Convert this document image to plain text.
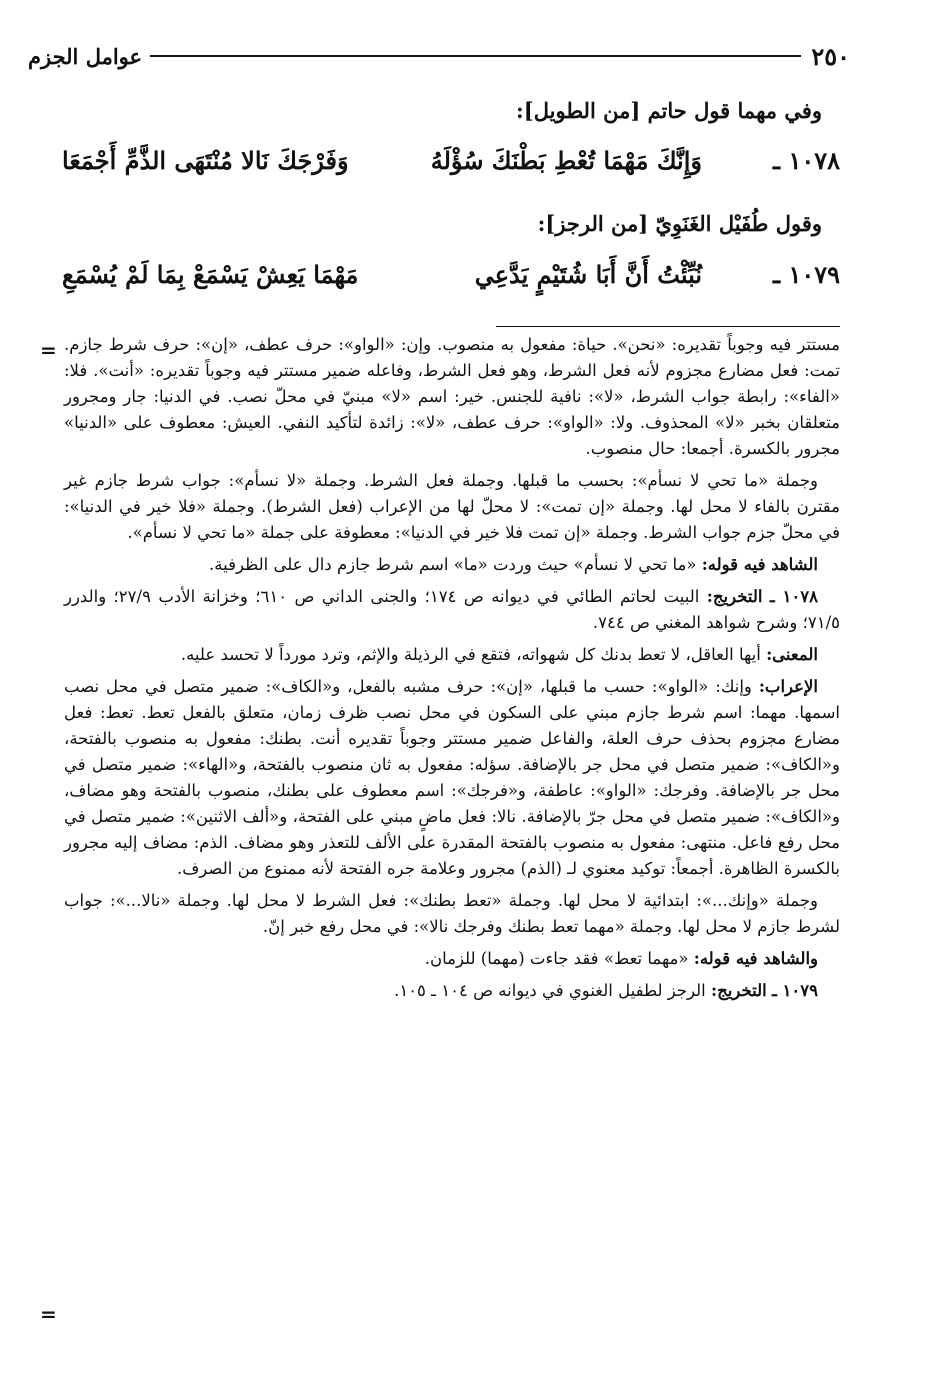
٢٥٠
عوامل الجزم
وفي مهما قول حاتم [من الطويل]:
١٠٧٨ ـ
وَإِنَّكَ مَهْمَا تُعْطِ بَطْنَكَ سُؤْلَهُ
وَفَرْجَكَ نَالا مُنْتَهَى الذَّمِّ أَجْمَعَا
وقول طُفَيْل الغَنَوِيّ [من الرجز]:
١٠٧٩ ـ
نُبِّئْتُ أَنَّ أَبَا شُتَيْمٍ يَدَّعِي
مَهْمَا يَعِشْ يَسْمَعْ بِمَا لَمْ يُسْمَعِ
= مستتر فيه وجوباً تقديره: «نحن». حياة: مفعول به منصوب. وإن: «الواو»: حرف عطف، «إن»: حرف شرط جازم. تمت: فعل مضارع مجزوم لأنه فعل الشرط، وهو فعل الشرط، وفاعله ضمير مستتر فيه وجوباً تقديره: «أنت». فلا: «الفاء»: رابطة جواب الشرط، «لا»: نافية للجنس. خير: اسم «لا» مبنيّ في محلّ نصب. في الدنيا: جار ومجرور متعلقان بخبر «لا» المحذوف. ولا: «الواو»: حرف عطف، «لا»: زائدة لتأكيد النفي. العيش: معطوف على «الدنيا» مجرور بالكسرة. أجمعا: حال منصوب.

وجملة «ما تحي لا نسأم»: بحسب ما قبلها. وجملة فعل الشرط. وجملة «لا نسأم»: جواب شرط جازم غير مقترن بالفاء لا محل لها. وجملة «إن تمت»: لا محلّ لها من الإعراب (فعل الشرط). وجملة «فلا خير في الدنيا»: في محلّ جزم جواب الشرط. وجملة «إن تمت فلا خير في الدنيا»: معطوفة على جملة «ما تحي لا نسأم».

الشاهد فيه قوله: «ما تحي لا نسأم» حيث وردت «ما» اسم شرط جازم دال على الظرفية.

١٠٧٨ ـ التخريج: البيت لحاتم الطائي في ديوانه ص ١٧٤؛ والجنى الداني ص ٦١٠؛ وخزانة الأدب ٢٧/٩؛ والدرر ٧١/٥؛ وشرح شواهد المغني ص ٧٤٤.

المعنى: أيها العاقل، لا تعط بدنك كل شهواته، فتقع في الرذيلة والإثم، وترد مورداً لا تحسد عليه.

الإعراب: وإنك: «الواو»: حسب ما قبلها، «إن»: حرف مشبه بالفعل، و«الكاف»: ضمير متصل في محل نصب اسمها. مهما: اسم شرط جازم مبني على السكون في محل نصب ظرف زمان، متعلق بالفعل تعط. تعط: فعل مضارع مجزوم بحذف حرف العلة، والفاعل ضمير مستتر وجوباً تقديره أنت. بطنك: مفعول به منصوب بالفتحة، و«الكاف»: ضمير متصل في محل جر بالإضافة. سؤله: مفعول به ثان منصوب بالفتحة، و«الهاء»: ضمير متصل في محل جر بالإضافة. وفرجك: «الواو»: عاطفة، و«فرجك»: اسم معطوف على بطنك، منصوب بالفتحة وهو مضاف، و«الكاف»: ضمير متصل في محل جرّ بالإضافة. نالا: فعل ماضٍ مبني على الفتحة، و«ألف الاثنين»: ضمير متصل في محل رفع فاعل. منتهى: مفعول به منصوب بالفتحة المقدرة على الألف للتعذر وهو مضاف. الذم: مضاف إليه مجرور بالكسرة الظاهرة. أجمعاً: توكيد معنوي لـ (الذم) مجرور وعلامة جره الفتحة لأنه ممنوع من الصرف.

وجملة «وإنك...»: ابتدائية لا محل لها. وجملة «تعط بطنك»: فعل الشرط لا محل لها. وجملة «نالا...»: جواب لشرط جازم لا محل لها. وجملة «مهما تعط بطنك وفرجك نالا»: في محل رفع خبر إنّ.

والشاهد فيه قوله: «مهما تعط» فقد جاءت (مهما) للزمان.

١٠٧٩ ـ التخريج: الرجز لطفيل الغنوي في ديوانه ص ١٠٤ ـ ١٠٥.

=
